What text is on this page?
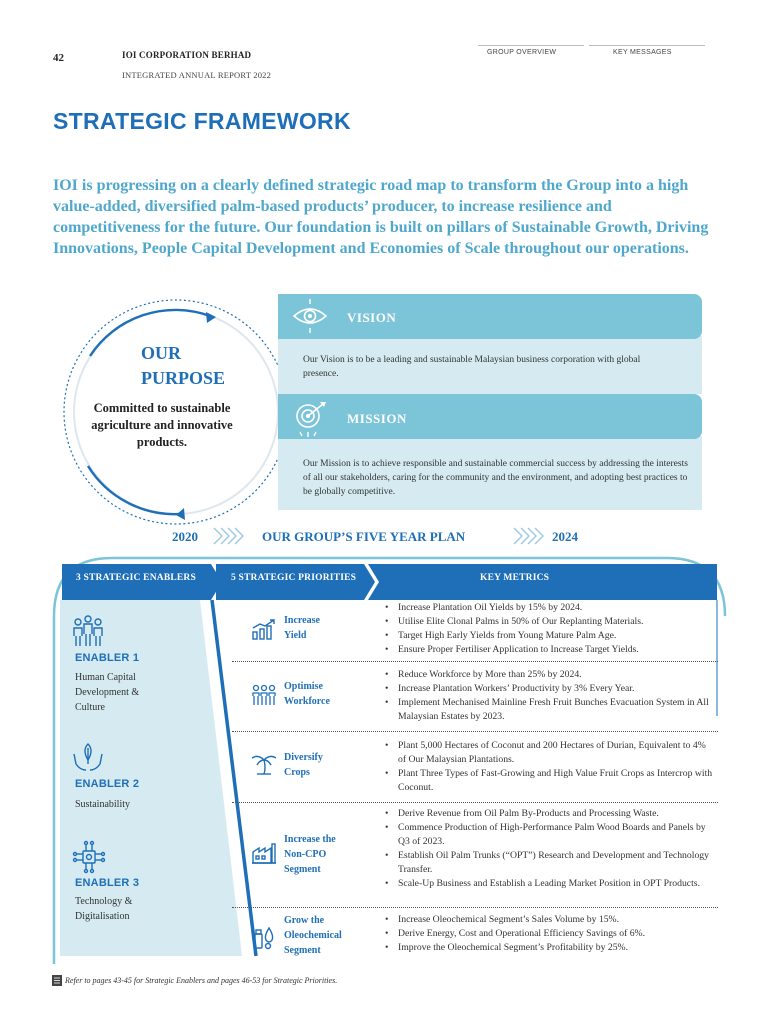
42	IOI CORPORATION BERHAD
INTEGRATED ANNUAL REPORT 2022
GROUP OVERVIEW	KEY MESSAGES
STRATEGIC FRAMEWORK
IOI is progressing on a clearly defined strategic road map to transform the Group into a high value-added, diversified palm-based products’ producer, to increase resilience and competitiveness for the future. Our foundation is built on pillars of Sustainable Growth, Driving Innovations, People Capital Development and Economies of Scale throughout our operations.
OUR
PURPOSE
Committed to sustainable agriculture and innovative products.
VISION
Our Vision is to be a leading and sustainable Malaysian business corporation with global presence.
MISSION
Our Mission is to achieve responsible and sustainable commercial success by addressing the interests of all our stakeholders, caring for the community and the environment, and adopting best practices to be globally competitive.
2020	OUR GROUP’S FIVE YEAR PLAN	2024
3 STRATEGIC ENABLERS	5 STRATEGIC PRIORITIES	KEY METRICS
ENABLER 1
Human Capital
Development &
Culture
ENABLER 2
Sustainability
ENABLER 3
Technology &
Digitalisation
Increase
Yield
• Increase Plantation Oil Yields by 15% by 2024.
• Utilise Elite Clonal Palms in 50% of Our Replanting Materials.
• Target High Early Yields from Young Mature Palm Age.
• Ensure Proper Fertiliser Application to Increase Target Yields.
Optimise
Workforce
• Reduce Workforce by More than 25% by 2024.
• Increase Plantation Workers’ Productivity by 3% Every Year.
• Implement Mechanised Mainline Fresh Fruit Bunches Evacuation System in All Malaysian Estates by 2023.
Diversify
Crops
• Plant 5,000 Hectares of Coconut and 200 Hectares of Durian, Equivalent to 4% of Our Malaysian Plantations.
• Plant Three Types of Fast-Growing and High Value Fruit Crops as Intercrop with Coconut.
Increase the
Non-CPO
Segment
• Derive Revenue from Oil Palm By-Products and Processing Waste.
• Commence Production of High-Performance Palm Wood Boards and Panels by Q3 of 2023.
• Establish Oil Palm Trunks (“OPT”) Research and Development and Technology Transfer.
• Scale-Up Business and Establish a Leading Market Position in OPT Products.
Grow the
Oleochemical
Segment
• Increase Oleochemical Segment’s Sales Volume by 15%.
• Derive Energy, Cost and Operational Efficiency Savings of 6%.
• Improve the Oleochemical Segment’s Profitability by 25%.
Refer to pages 43-45 for Strategic Enablers and pages 46-53 for Strategic Priorities.
